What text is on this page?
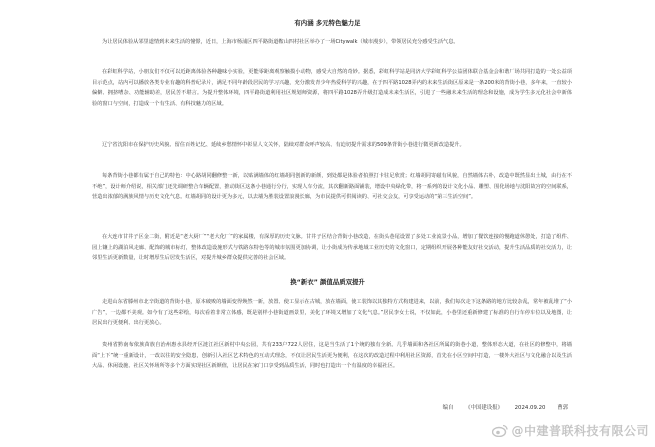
有内涵 多元特色魅力足
为让居民体验从邻里道情到未来生活的憧憬，近日，上海市杨浦区四平路街道鞍山四村社区举办了一场Citywalk（城市漫步），带领居民充分感受生活气息。
在彩虹科学站，小朋友们不仅可以近距离体验各种趣味小实验，更能零距离观察触摸小动物，感受大自然的奇妙。据悉，彩虹科学站是同济大学彩虹科学公益团体联合基金会和谐厂场共同打造的一处公益项目示范点，站内可以播放各类专业有趣的科普纪录片，满足不同年龄段居民的学习兴趣，充分激发青少年热爱科学的兴趣，在于四平路1028弄内的未来生活街区原来是一条200米的背街小巷，多年来，一直较小偏僻、拥挤嘈杂、功能辅助差，居民苦不堪言。为提升整体环境，四平路街道利用社区规划师资源，将四平路1028弄升级打造成未来生活区，引进了一些融未来生活的理念和设施，成为学生多元化社会中新体验的窗口与空间，打造成一个有生活、有科技魅力的区域。
辽宁省沈阳市在保护历史风貌、留住百姓记忆、延续乡愁情怀中彰显人文关怀，陆续对群众呼声较高、有迫切提升需求的509条背街小巷进行微更新改造提升。
每条背街小巷都有属于自己的特色：中心路胡同翻修整一新，以贴满墙体的红墙胡同创新的新颜，到处都是体验者拍照打卡驻足欣赏；红墙胡同寄磁有风貌，自然墙体古朴，改造中既然显出土城，由行在不不绝”，设计师介绍说，相关部门还先调研整合车辆配置，推动街区这条小巷通行分行，实现人车分流，其次翻新路面铺装，增设中央绿化带，将一系列的设计文化小品、雕塑、围化场地与沈阳故宫的空间联系，营造出浓郁的满族风情与历史文化气息。红墙胡同的设计更为多元，以去墙为胜装设置浪漫长廊，为市民提供可供阅读的、可社交会友，可享受运动的“第三生活空间”。
在大连市甘井子区金二街，附近是“老大厨厂”“老大化厂”的家属楼，有深厚的历史文脉。甘井子区结合背街小巷改造，在街头巷尾设置了多处工业流景小品，增加了餐饮连接的慢跑道休憩处，打造了组件、园上镶上的湖泊风走廊、配饰的城市标灯，整体改造设施形式与铁路东特色等的城市氛围更加协调，让小街成为传承地域工业历史的文化窗口，定期组织开展各种能友好社交活动，提升生活品质的社交活力，让邻里生活更新数量，让时增厚生后居发生活区，对提升城乡群众提供完善的社会区域。
换“新衣” 颜值品质双提升
走进山东省滕州市北辛街道的背街小巷，原本破败的墙面变得焕然一新，放置、使工显示在古城，放在墙面，使工装饰以其独特方式构建进来，以前，我们每次走下这条路的地方比较杂乱，常年被乱堆了“小广告”，一边都不美观。如今有了这些彩绘，每次看着非常立体感，既是别样小巷街道画景里，美化了环境又增加了文化气息。”居民李女士说，不仅如此，小巷里还重新修建了标准的自行车停车位以及地图，让居民出行更便利、出行更放心。
贵州省黔南布依族苗族自治州惠水县经开区涟江社区新村中央公园，共有233户722人居住，这是当生活了1个统的独有全新。几乎墙面和各社区所属的街巷小道，整体形态大道，在社区的修整中，将墙面“上下”统一重新设计，一改以往的安全隐患，创新引入社区艺术特色的互动式理念，不仅让居民生活更为便利，在这次的改造过程中利用社区资源，首先在小区空间中打造，一楼外大社区与文化融合以及生活大品、休闲设施、社区关怀场所等多个方面实现社区新颜值，让居民在家门口享受到品质生活，同时也打造出一个有温度的幸福社区。
编自 《中国建设报》 2024.09.20 曹郭
@中建普联科技有限公司
